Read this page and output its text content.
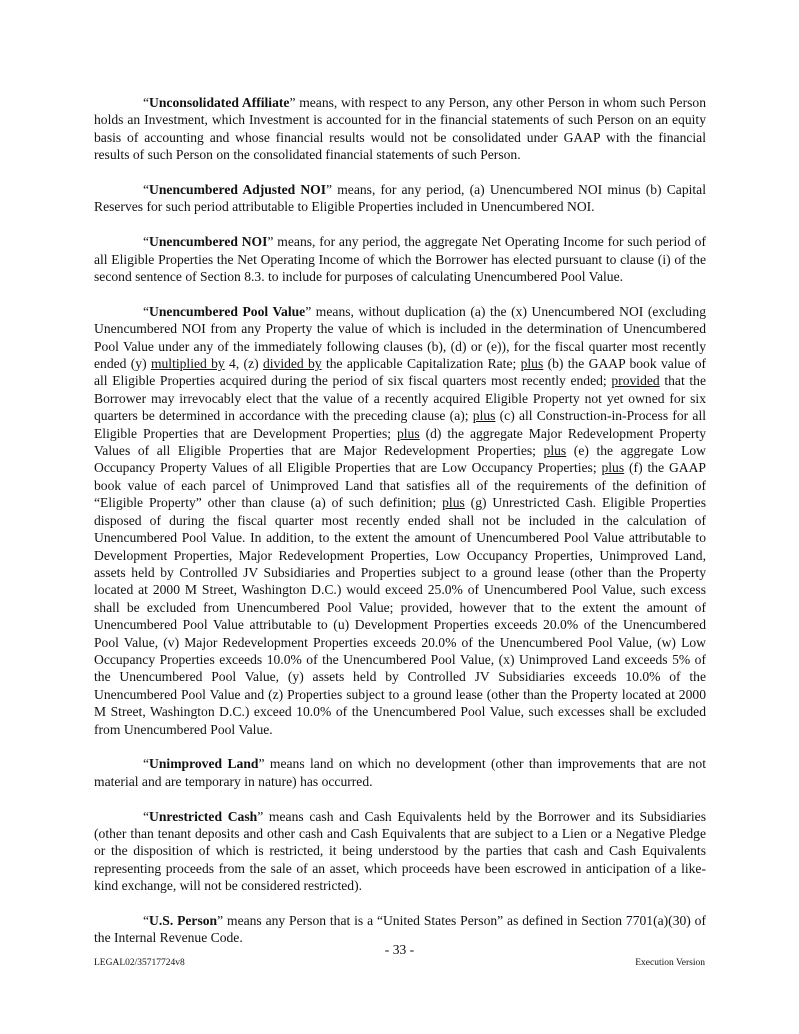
“Unconsolidated Affiliate” means, with respect to any Person, any other Person in whom such Person holds an Investment, which Investment is accounted for in the financial statements of such Person on an equity basis of accounting and whose financial results would not be consolidated under GAAP with the financial results of such Person on the consolidated financial statements of such Person.

“Unencumbered Adjusted NOI” means, for any period, (a) Unencumbered NOI minus (b) Capital Reserves for such period attributable to Eligible Properties included in Unencumbered NOI.

“Unencumbered NOI” means, for any period, the aggregate Net Operating Income for such period of all Eligible Properties the Net Operating Income of which the Borrower has elected pursuant to clause (i) of the second sentence of Section 8.3. to include for purposes of calculating Unencumbered Pool Value.

“Unencumbered Pool Value” means, without duplication (a) the (x) Unencumbered NOI (excluding Unencumbered NOI from any Property the value of which is included in the determination of Unencumbered Pool Value under any of the immediately following clauses (b), (d) or (e)), for the fiscal quarter most recently ended (y) multiplied by 4, (z) divided by the applicable Capitalization Rate; plus (b) the GAAP book value of all Eligible Properties acquired during the period of six fiscal quarters most recently ended; provided that the Borrower may irrevocably elect that the value of a recently acquired Eligible Property not yet owned for six quarters be determined in accordance with the preceding clause (a); plus (c) all Construction-in-Process for all Eligible Properties that are Development Properties; plus (d) the aggregate Major Redevelopment Property Values of all Eligible Properties that are Major Redevelopment Properties; plus (e) the aggregate Low Occupancy Property Values of all Eligible Properties that are Low Occupancy Properties; plus (f) the GAAP book value of each parcel of Unimproved Land that satisfies all of the requirements of the definition of “Eligible Property” other than clause (a) of such definition; plus (g) Unrestricted Cash. Eligible Properties disposed of during the fiscal quarter most recently ended shall not be included in the calculation of Unencumbered Pool Value. In addition, to the extent the amount of Unencumbered Pool Value attributable to Development Properties, Major Redevelopment Properties, Low Occupancy Properties, Unimproved Land, assets held by Controlled JV Subsidiaries and Properties subject to a ground lease (other than the Property located at 2000 M Street, Washington D.C.) would exceed 25.0% of Unencumbered Pool Value, such excess shall be excluded from Unencumbered Pool Value; provided, however that to the extent the amount of Unencumbered Pool Value attributable to (u) Development Properties exceeds 20.0% of the Unencumbered Pool Value, (v) Major Redevelopment Properties exceeds 20.0% of the Unencumbered Pool Value, (w) Low Occupancy Properties exceeds 10.0% of the Unencumbered Pool Value, (x) Unimproved Land exceeds 5% of the Unencumbered Pool Value, (y) assets held by Controlled JV Subsidiaries exceeds 10.0% of the Unencumbered Pool Value and (z) Properties subject to a ground lease (other than the Property located at 2000 M Street, Washington D.C.) exceed 10.0% of the Unencumbered Pool Value, such excesses shall be excluded from Unencumbered Pool Value.

“Unimproved Land” means land on which no development (other than improvements that are not material and are temporary in nature) has occurred.

“Unrestricted Cash” means cash and Cash Equivalents held by the Borrower and its Subsidiaries (other than tenant deposits and other cash and Cash Equivalents that are subject to a Lien or a Negative Pledge or the disposition of which is restricted, it being understood by the parties that cash and Cash Equivalents representing proceeds from the sale of an asset, which proceeds have been escrowed in anticipation of a like-kind exchange, will not be considered restricted).

“U.S. Person” means any Person that is a “United States Person” as defined in Section 7701(a)(30) of the Internal Revenue Code.

- 33 -
LEGAL02/35717724v8	Execution Version
